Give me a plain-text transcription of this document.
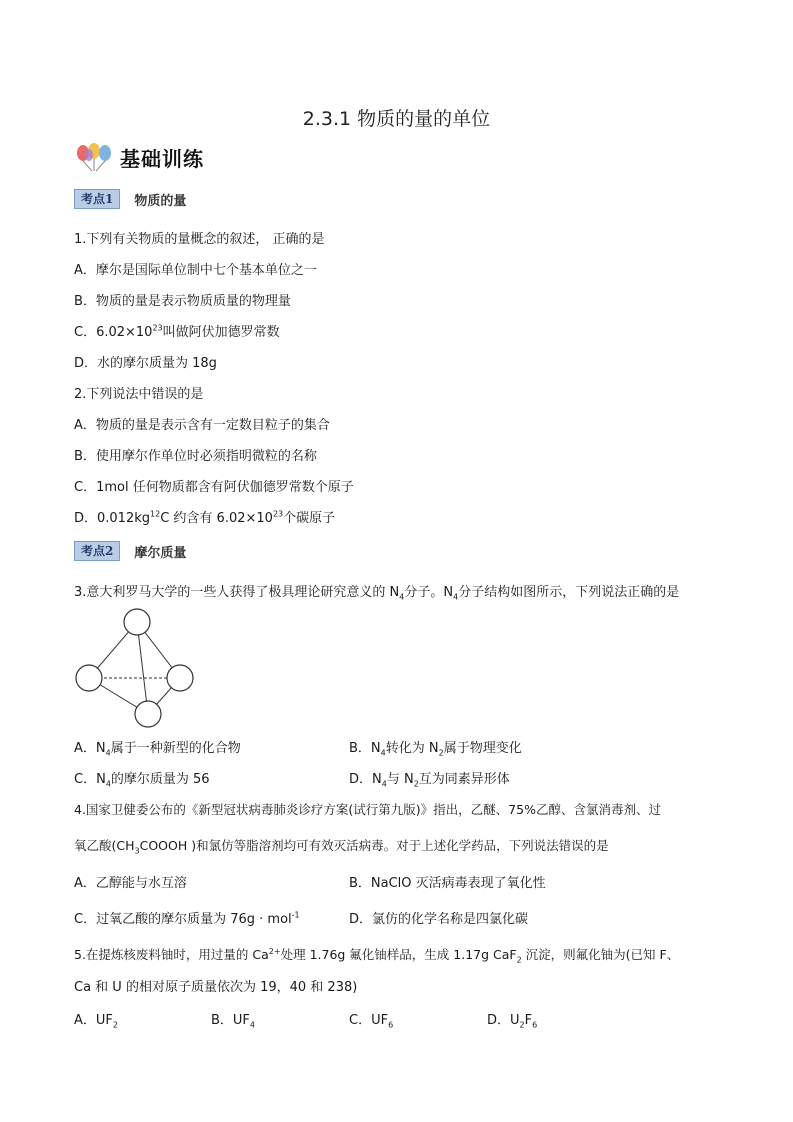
2.3.1 物质的量的单位
基础训练
考点1	物质的量
1.下列有关物质的量概念的叙述， 正确的是
A．摩尔是国际单位制中七个基本单位之一
B．物质的量是表示物质质量的物理量
C．$6.02\times 10^{23}$叫做阿伏加德罗常数
D．水的摩尔质量为 18g
2.下列说法中错误的是
A．物质的量是表示含有一定数目粒子的集合
B．使用摩尔作单位时必须指明微粒的名称
C．1mol 任何物质都含有阿伏伽德罗常数个原子
D．$0.012kg^{12}C$ 约含有 $6.02\times 10^{23}$个碳原子
考点2	摩尔质量
3.意大利罗马大学的一些人获得了极具理论研究意义的 $N_4$分子。$N_4$分子结构如图所示，下列说法正确的是
A．$N_4$属于一种新型的化合物	B．$N_4$转化为 $N_2$属于物理变化
C．$N_4$的摩尔质量为 56	D．$N_4$与 $N_2$互为同素异形体
4.国家卫健委公布的《新型冠状病毒肺炎诊疗方案(试行第九版)》指出，乙醚、75%乙醇、含氯消毒剂、过
氧乙酸($CH_3COOOH$ )和氯仿等脂溶剂均可有效灭活病毒。对于上述化学药品，下列说法错误的是
A．乙醇能与水互溶	B．NaClO 灭活病毒表现了氧化性
C．过氧乙酸的摩尔质量为 76g · mol$^{-1}$	D．氯仿的化学名称是四氯化碳
5.在提炼核废料铀时，用过量的 $Ca^{2+}$处理 1.76g 氟化铀样品，生成 1.17g CaF$_2$ 沉淀，则氟化铀为(已知 F、
Ca 和 U 的相对原子质量依次为 19，40 和 238)
A．$UF_2$	B．$UF_4$	C．$UF_6$	D．$U_2F_6$
